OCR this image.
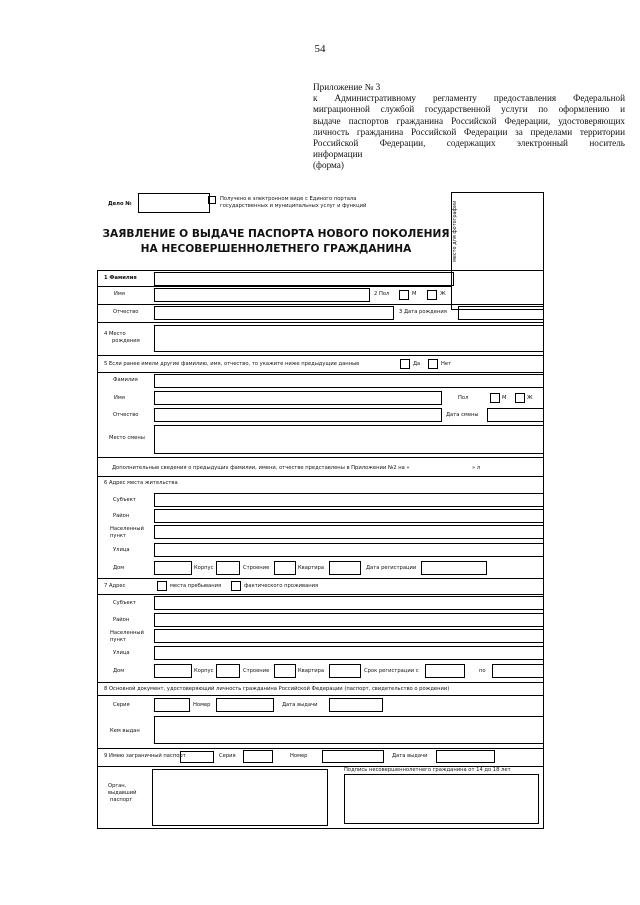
54
Приложение № 3
к Административному регламенту предоставления Федеральной
миграционной службой государственной услуги по оформлению и
выдаче паспортов гражданина Российской Федерации, удостоверяющих
личность гражданина Российской Федерации за пределами территории
Российской Федерации, содержащих электронный носитель
информации
(форма)
Дело №
Получено в электронном виде с Единого портала
государственных и муниципальных услуг и функций	место для фотографии
ЗАЯВЛЕНИЕ О ВЫДАЧЕ ПАСПОРТА НОВОГО ПОКОЛЕНИЯ
НА НЕСОВЕРШЕННОЛЕТНЕГО ГРАЖДАНИНА
1 Фамилия
Имя	2 Пол	М	Ж
Отчество	3 Дата рождения
4 Место
рождения
5 Если ранее имели другие фамилию, имя, отчество, то укажите ниже предыдущие данные	Да	Нет
Фамилия
Имя	Пол	М	Ж
Отчество	Дата смены
Место смены
Дополнительные сведения о предыдущих фамилии, имени, отчестве представлены в Приложении №2 на «	» л
6 Адрес места жительства
Субъект
Район
Населенный
пункт
Улица
Дом	Корпус	Строение	Квартира	Дата регистрации
7 Адрес	места пребывания	фактического проживания
Субъект
Район
Населенный
пункт
Улица
Дом	Корпус	Строение	Квартира	Срок регистрации с	по
8 Основной документ, удостоверяющий личность гражданина Российской Федерации (паспорт, свидетельство о рождении)
Серия	Номер	Дата выдачи
Кем выдан
9 Имею заграничный паспорт	Серия	Номер	Дата выдачи
Орган,
выдавший
паспорт
Подпись несовершеннолетнего гражданина от 14 до 18 лет
